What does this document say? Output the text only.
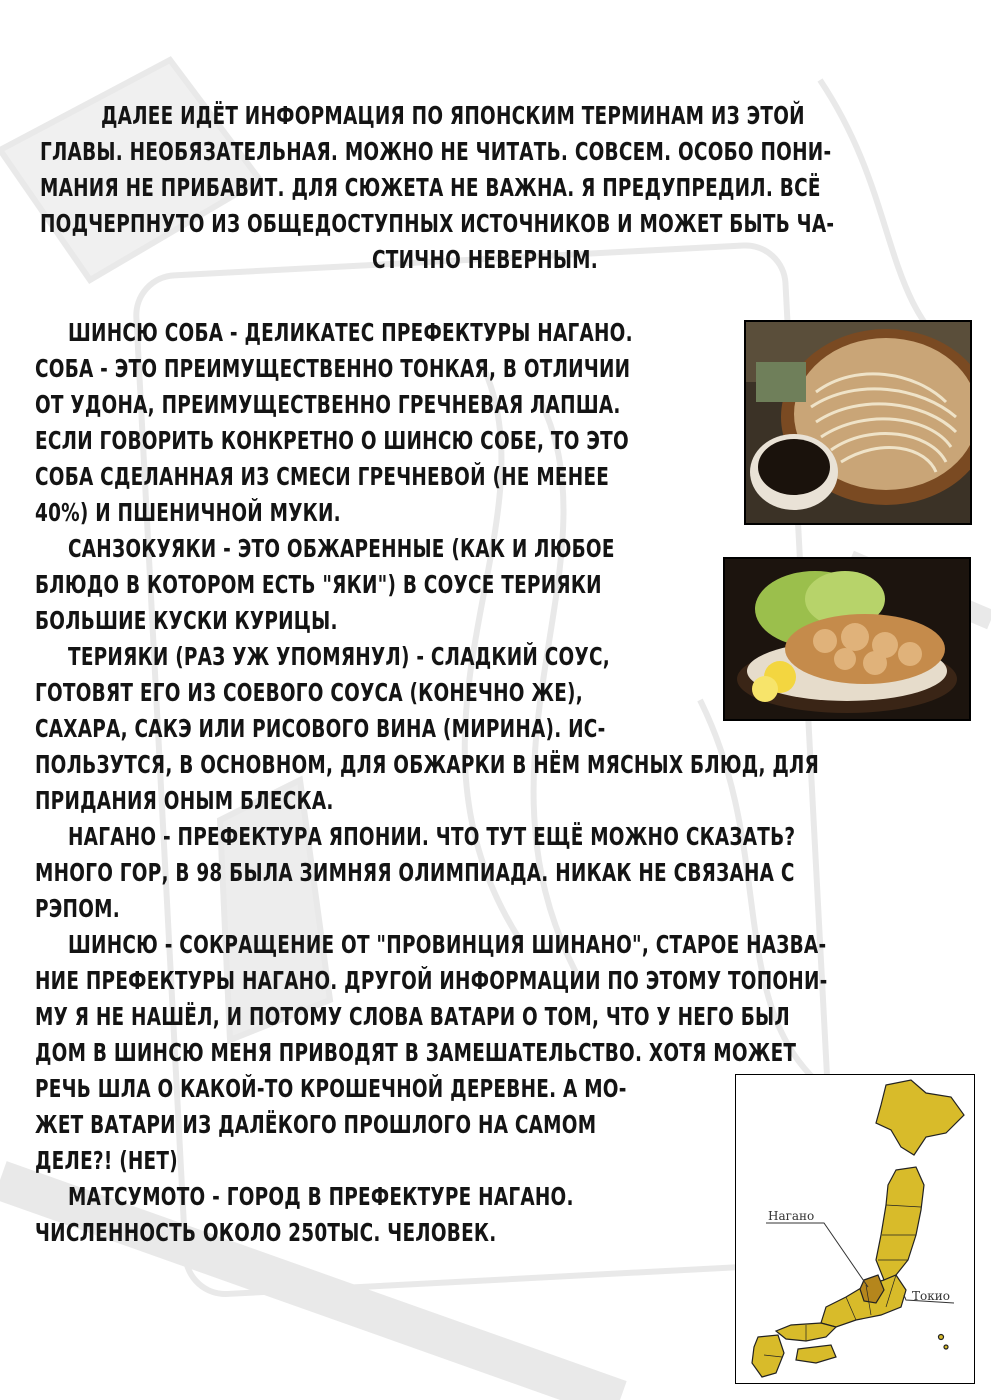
ДАЛЕЕ ИДЁТ ИНФОРМАЦИЯ ПО ЯПОНСКИМ ТЕРМИНАМ ИЗ ЭТОЙ

ГЛАВЫ. НЕОБЯЗАТЕЛЬНАЯ. МОЖНО НЕ ЧИТАТЬ. СОВСЕМ. ОСОБО ПОНИ-

МАНИЯ НЕ ПРИБАВИТ. ДЛЯ СЮЖЕТА НЕ ВАЖНА. Я ПРЕДУПРЕДИЛ. ВСЁ

ПОДЧЕРПНУТО ИЗ ОБЩЕДОСТУПНЫХ ИСТОЧНИКОВ И МОЖЕТ БЫТЬ ЧА-

СТИЧНО НЕВЕРНЫМ.

ШИНСЮ СОБА - ДЕЛИКАТЕС ПРЕФЕКТУРЫ НАГАНО.

СОБА - ЭТО ПРЕИМУЩЕСТВЕННО ТОНКАЯ, В ОТЛИЧИИ

ОТ УДОНА, ПРЕИМУЩЕСТВЕННО ГРЕЧНЕВАЯ ЛАПША.

ЕСЛИ ГОВОРИТЬ КОНКРЕТНО О ШИНСЮ СОБЕ, ТО ЭТО

СОБА СДЕЛАННАЯ ИЗ СМЕСИ ГРЕЧНЕВОЙ (НЕ МЕНЕЕ

40%) И ПШЕНИЧНОЙ МУКИ.

САНЗОКУЯКИ - ЭТО ОБЖАРЕННЫЕ (КАК И ЛЮБОЕ

БЛЮДО В КОТОРОМ ЕСТЬ "ЯКИ") В СОУСЕ ТЕРИЯКИ

БОЛЬШИЕ КУСКИ КУРИЦЫ.

ТЕРИЯКИ (РАЗ УЖ УПОМЯНУЛ) - СЛАДКИЙ СОУС,

ГОТОВЯТ ЕГО ИЗ СОЕВОГО СОУСА (КОНЕЧНО ЖЕ),

САХАРА, САКЭ ИЛИ РИСОВОГО ВИНА (МИРИНА). ИС-

ПОЛЬЗУТСЯ, В ОСНОВНОМ, ДЛЯ ОБЖАРКИ В НЁМ МЯСНЫХ БЛЮД, ДЛЯ

ПРИДАНИЯ ОНЫМ БЛЕСКА.

НАГАНО - ПРЕФЕКТУРА ЯПОНИИ. ЧТО ТУТ ЕЩЁ МОЖНО СКАЗАТЬ?

МНОГО ГОР, В 98 БЫЛА ЗИМНЯЯ ОЛИМПИАДА. НИКАК НЕ СВЯЗАНА С

РЭПОМ.

ШИНСЮ - СОКРАЩЕНИЕ ОТ "ПРОВИНЦИЯ ШИНАНО", СТАРОЕ НАЗВА-

НИЕ ПРЕФЕКТУРЫ НАГАНО. ДРУГОЙ ИНФОРМАЦИИ ПО ЭТОМУ ТОПОНИ-

МУ Я НЕ НАШЁЛ, И ПОТОМУ СЛОВА ВАТАРИ О ТОМ, ЧТО У НЕГО БЫЛ

ДОМ В ШИНСЮ МЕНЯ ПРИВОДЯТ В ЗАМЕШАТЕЛЬСТВО. ХОТЯ МОЖЕТ

РЕЧЬ ШЛА О КАКОЙ-ТО КРОШЕЧНОЙ ДЕРЕВНЕ. А МО-

ЖЕТ ВАТАРИ ИЗ ДАЛЁКОГО ПРОШЛОГО НА САМОМ

ДЕЛЕ?! (НЕТ)

МАТСУМОТО - ГОРОД В ПРЕФЕКТУРЕ НАГАНО.

ЧИСЛЕННОСТЬ ОКОЛО 250ТЫС. ЧЕЛОВЕК.

Нагано
Токио
